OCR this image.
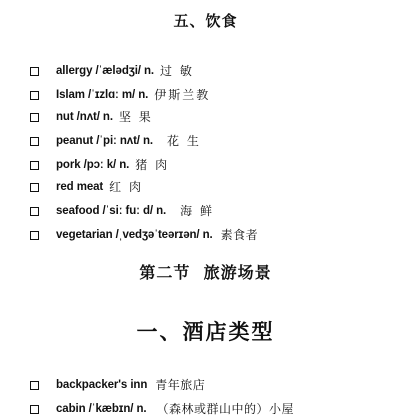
五、饮食
allergy /ˈælədʒi/ n. 过 敏
Islam /ˈɪzlɑː m/ n. 伊斯兰教
nut /nʌt/ n. 坚 果
peanut /ˈpiː nʌt/ n. 花 生
pork /pɔː k/ n. 猪 肉
red meat 红 肉
seafood /ˈsiː fuː d/ n. 海 鲜
vegetarian /ˌvedʒəˈteərɪən/ n. 素食者
第二节  旅游场景
一、酒店类型
backpacker's inn 青年旅店
cabin /ˈkæbɪn/ n. （森林或群山中的）小屋
